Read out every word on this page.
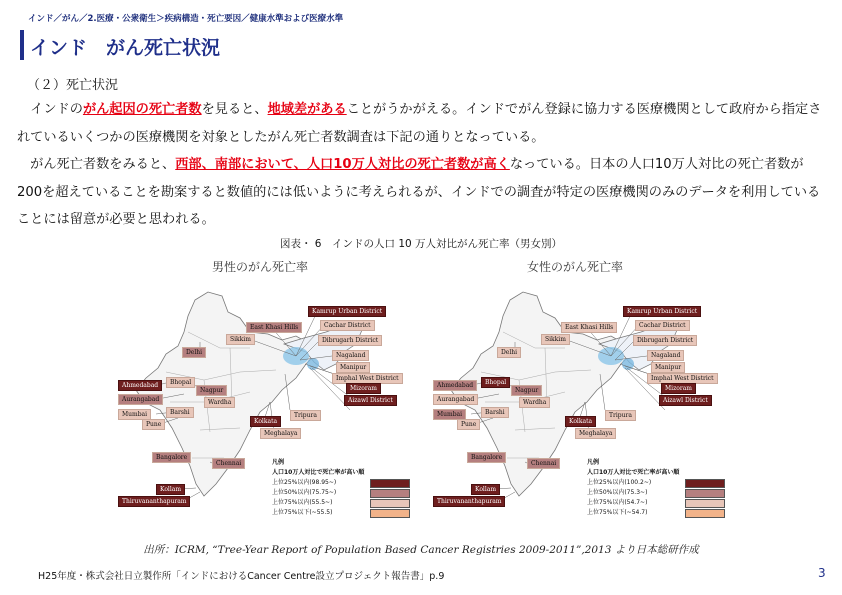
インド／がん／2.医療・公衆衛生＞疾病構造・死亡要因／健康水準および医療水準
インド　がん死亡状況
（２）死亡状況

　インドのがん起因の死亡者数を見ると、地域差があることがうかがえる。インドでがん登録に協力する医療機関として政府から指定されているいくつかの医療機関を対象としたがん死亡者数調査は下記の通りとなっている。

　がん死亡者数をみると、西部、南部において、人口10万人対比の死亡者数が高くなっている。日本の人口10万人対比の死亡者数が200を超えていることを勘案すると数値的には低いように考えられるが、インドでの調査が特定の医療機関のみのデータを利用していることには留意が必要と思われる。

図表・ 6　インドの人口 10 万人対比がん死亡率（男女別）
男性のがん死亡率
Kamrup Urban District
Cachar District
East Khasi Hills
Sikkim	Dibrugarh District
Nagaland
Manipur
Imphal West District
Mizoram
Aizawl District
Delhi
Ahmedabad
Aurangabad
Bhopal
Nagpur
Wardha
Mumbai	Barshi
Pune
Tripura
Kolkata
Meghalaya
Bangalore
Chennai
Kollam
Thiruvananthapuram
凡例
人口10万人対比で死亡率が高い順
上位25%以内(98.95~)
上位50%以内(75.75~)
上位75%以内(55.5~)
上位75%以下(~55.5)
女性のがん死亡率
Kamrup Urban District
Cachar District
East Khasi Hills
Sikkim	Dibrugarh District
Nagaland
Manipur
Imphal West District
Mizoram
Aizawl District
Delhi
Ahmedabad
Aurangabad
Bhopal
Nagpur
Wardha
Mumbai	Barshi
Pune
Tripura
Kolkata
Meghalaya
Bangalore
Chennai
Kollam
Thiruvananthapuram
凡例
人口10万人対比で死亡率が高い順
上位25%以内(100.2~)
上位50%以内(75.3~)
上位75%以内(54.7~)
上位75%以下(~54.7)
出所：ICRM, “Tree-Year Report of Population Based Cancer Registries 2009-2011”,2013 より日本総研作成
H25年度・株式会社日立製作所「インドにおけるCancer Centre設立プロジェクト報告書」p.9	3
